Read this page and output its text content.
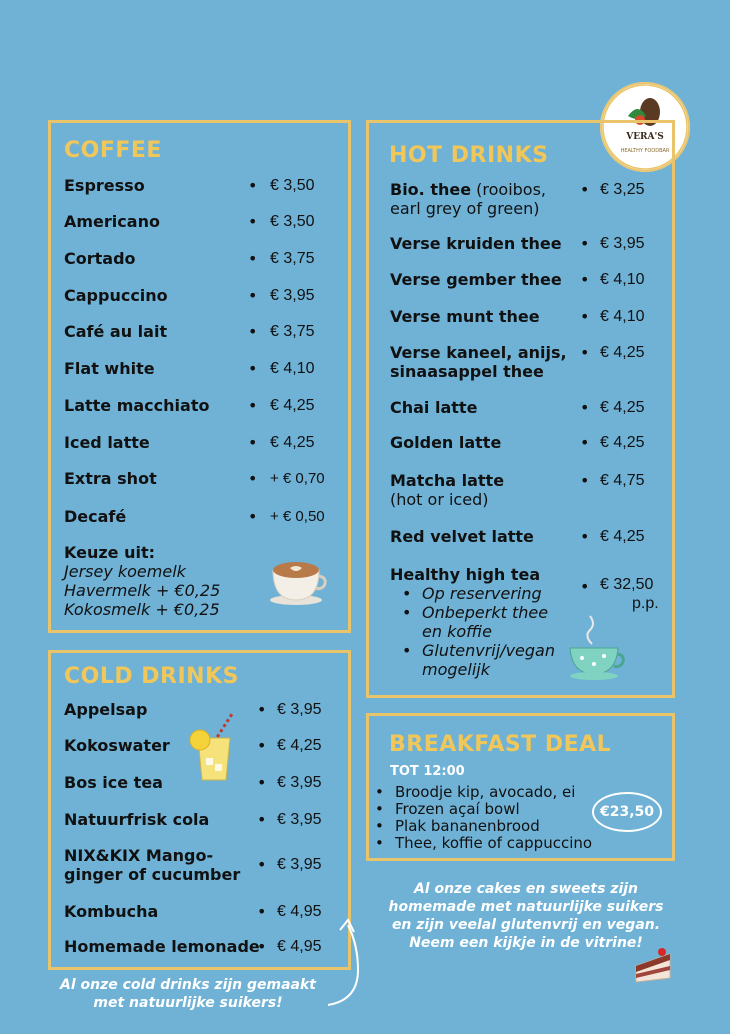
VERA'S
HEALTHY FOODBAR
COFFEE
Espresso	• € 3,50
Americano	• € 3,50
Cortado	• € 3,75
Cappuccino	• € 3,95
Café au lait	• € 3,75
Flat white	• € 4,10
Latte macchiato	• € 4,25
Iced latte	• € 4,25
Extra shot	• + € 0,70
Decafé	• + € 0,50
Keuze uit:
Jersey koemelk
Havermelk + €0,25
Kokosmelk + €0,25
COLD DRINKS
Appelsap	• € 3,95
Kokoswater	• € 4,25
Bos ice tea	• € 3,95
Natuurfrisk cola	• € 3,95
NIX&KIX Mango-
ginger of cucumber
• € 3,95
Kombucha	• € 4,95
Homemade lemonade
• € 4,95
Al onze cold drinks zijn gemaakt
met natuurlijke suikers!
HOT DRINKS
Bio. thee (rooibos,
earl grey of green)
• € 3,25
Verse kruiden thee	• € 3,95
Verse gember thee	• € 4,10
Verse munt thee	• € 4,10
Verse kaneel, anijs,
sinaasappel thee
• € 4,25
Chai latte	• € 4,25
Golden latte	• € 4,25
Matcha latte
(hot or iced)
• € 4,75
Red velvet latte	• € 4,25
Healthy high tea
• Op reservering
• Onbeperkt thee
en koffie
• Glutenvrij/vegan
mogelijk
• € 32,50
p.p.
BREAKFAST DEAL
TOT 12:00
• Broodje kip, avocado, ei
• Frozen açaí bowl
• Plak bananenbrood
• Thee, koffie of cappuccino
€23,50
Al onze cakes en sweets zijn
homemade met natuurlijke suikers
en zijn veelal glutenvrij en vegan.
Neem een kijkje in de vitrine!
